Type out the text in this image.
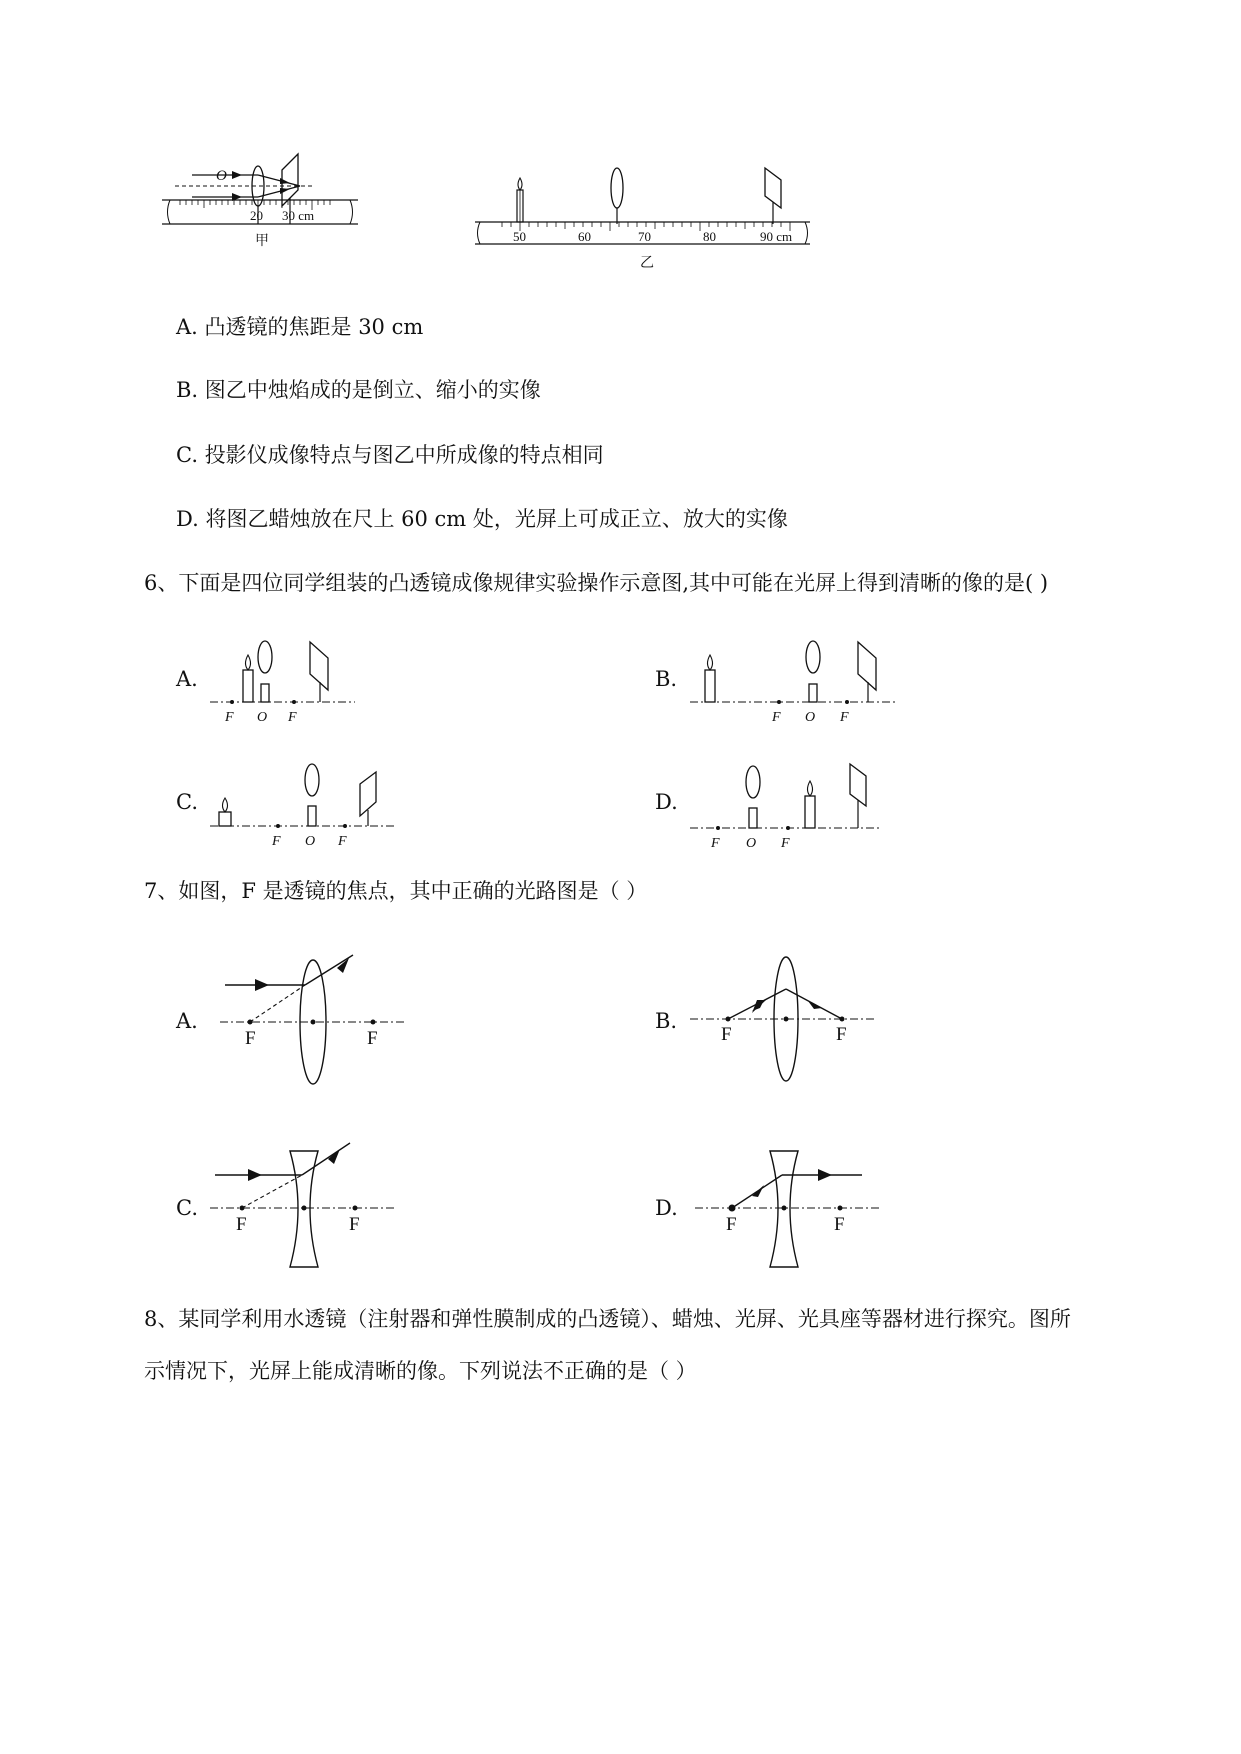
O
20 30 cm
甲	50	60	70	80	90 cm
乙
A. 凸透镜的焦距是 30 cm
B. 图乙中烛焰成的是倒立、缩小的实像
C. 投影仪成像特点与图乙中所成像的特点相同
D. 将图乙蜡烛放在尺上 60 cm 处，光屏上可成正立、放大的实像
6、下面是四位同学组装的凸透镜成像规律实验操作示意图,其中可能在光屏上得到清晰的像的是( )
A.
F O F
B.
F O F
C.
F O F
D.
F O F
7、如图，F 是透镜的焦点，其中正确的光路图是（ ）
A.
F	F
B.
F	F
C.
F	F
D.
F	F
8、某同学利用水透镜（注射器和弹性膜制成的凸透镜）、蜡烛、光屏、光具座等器材进行探究。图所
示情况下，光屏上能成清晰的像。下列说法不正确的是（ ）
